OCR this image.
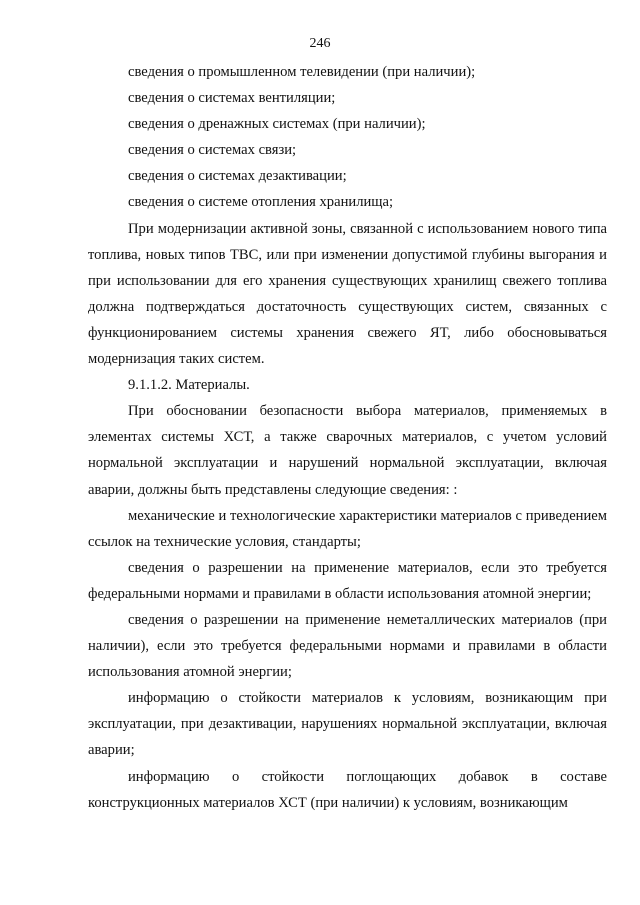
246

сведения о промышленном телевидении (при наличии);

сведения о системах вентиляции;

сведения о дренажных системах (при наличии);

сведения о системах связи;

сведения о системах дезактивации;

сведения о системе отопления хранилища;

При модернизации активной зоны, связанной с использованием нового типа топлива, новых типов ТВС, или при изменении допустимой глубины выгорания и при использовании для его хранения существующих хранилищ свежего топлива должна подтверждаться достаточность существующих систем, связанных с функционированием системы хранения свежего ЯТ, либо обосновываться модернизация таких систем.

9.1.1.2. Материалы.

При обосновании безопасности выбора материалов, применяемых в элементах системы ХСТ, а также сварочных материалов, с учетом условий нормальной эксплуатации и нарушений нормальной эксплуатации, включая аварии, должны быть представлены следующие сведения: :

механические и технологические характеристики материалов с приведением ссылок на технические условия, стандарты;

сведения о разрешении на применение материалов, если это требуется федеральными нормами и правилами в области использования атомной энергии;

сведения о разрешении на применение неметаллических материалов (при наличии), если это требуется федеральными нормами и правилами в области использования атомной энергии;

информацию о стойкости материалов к условиям, возникающим при эксплуатации, при дезактивации, нарушениях нормальной эксплуатации, включая аварии;

информацию о стойкости поглощающих добавок в составе конструкционных материалов ХСТ (при наличии) к условиям, возникающим
